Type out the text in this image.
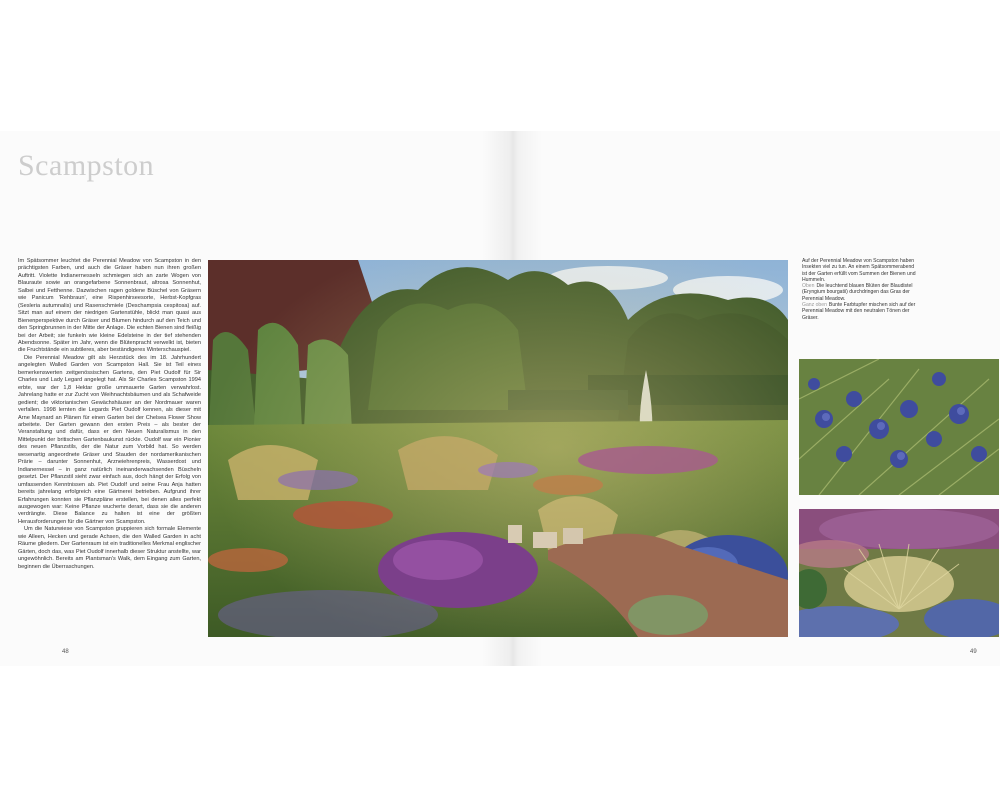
Scampston

Im Spätsommer leuchtet die Perennial Meadow von Scampston in den prächtigsten Farben, und auch die Gräser haben nun ihren großen Auftritt. Violette Indianernesseln schmiegen sich an zarte Wogen von Blauraute sowie an orangefarbene Sonnenbraut, altrosa Sonnenhut, Salbei und Fetthenne. Dazwischen ragen goldene Büschel von Gräsern wie Panicum 'Rehbraun', eine Rispenhirseesorte, Herbst-Kopfgras (Sesleria autumnalis) und Rasenschmiele (Deschampsia cespitosa) auf. Sitzt man auf einem der niedrigen Gartenstühle, blickt man quasi aus Bienenperspektive durch Gräser und Blumen hindurch auf den Teich und den Springbrunnen in der Mitte der Anlage. Die echten Bienen sind fleißig bei der Arbeit; sie funkeln wie kleine Edelsteine in der tief stehenden Abendsonne. Später im Jahr, wenn die Blütenpracht verwelkt ist, bieten die Fruchtstände ein subtileres, aber beständigeres Winterschauspiel.

Die Perennial Meadow gilt als Herzstück des im 18. Jahrhundert angelegten Walled Garden von Scampston Hall. Sie ist Teil eines bemerkenswerten zeitgenössischen Gartens, den Piet Oudolf für Sir Charles und Lady Legard angelegt hat. Als Sir Charles Scampston 1994 erbte, war der 1,8 Hektar große ummauerte Garten verwahrlost. Jahrelang hatte er zur Zucht von Weihnachtsbäumen und als Schafweide gedient; die viktorianischen Gewächshäuser an der Nordmauer waren verfallen. 1998 lernten die Legards Piet Oudolf kennen, als dieser mit Arne Maynard an Plänen für einen Garten bei der Chelsea Flower Show arbeitete. Der Garten gewann den ersten Preis – als bester der Veranstaltung und dafür, dass er den Neuen Naturalismus in den Mittelpunkt der britischen Gartenbaukunst rückte. Oudolf war ein Pionier des neuen Pflanzstils, der die Natur zum Vorbild hat. So werden wesenartig angeordnete Gräser und Stauden der nordamerikanischen Prärie – darunter Sonnenhut, Arzneiehrenpreis, Wasserdost und Indianernessel – in ganz natürlich ineinanderwachsenden Büscheln gesetzt. Der Pflanzstil sieht zwar einfach aus, doch hängt der Erfolg von umfassenden Kenntnissen ab. Piet Oudolf und seine Frau Anja hatten bereits jahrelang erfolgreich eine Gärtnerei betrieben. Aufgrund ihrer Erfahrungen konnten sie Pflanzpläne erstellen, bei denen alles perfekt ausgewogen war: Keine Pflanze wucherte derart, dass sie die anderen verdrängte. Diese Balance zu halten ist eine der größten Herausforderungen für die Gärtner von Scampston.

Um die Naturwiese von Scampston gruppieren sich formale Elemente wie Alleen, Hecken und gerade Achsen, die den Walled Garden in acht Räume gliedern. Der Gartenraum ist ein traditionelles Merkmal englischer Gärten, doch das, was Piet Oudolf innerhalb dieser Struktur anstellte, war ungewöhnlich. Bereits am Plantsman's Walk, dem Eingang zum Garten, beginnen die Überraschungen.

48	49

Auf der Perennial Meadow von Scampston haben Insekten viel zu tun. An einem Spätsommerabend ist der Garten erfüllt vom Summen der Bienen und Hummeln.

Oben Die leuchtend blauen Blüten der Blaudistel (Eryngium bourgatii) durchdringen das Gras der Perennial Meadow.

Ganz oben Bunte Farbtupfer mischen sich auf der Perennial Meadow mit den neutralen Tönen der Gräser.
